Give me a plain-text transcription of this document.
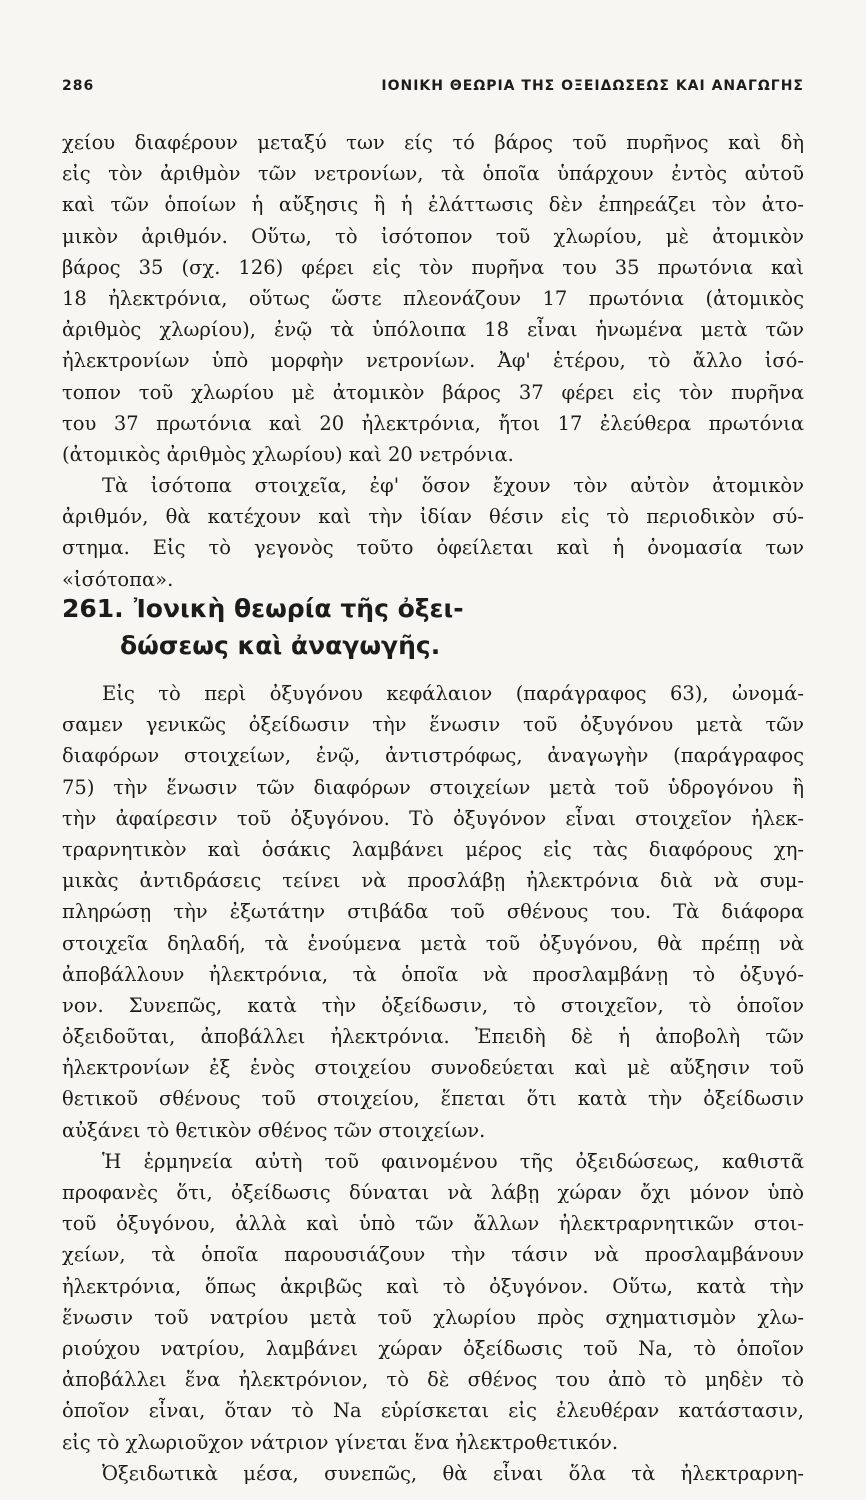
286	ΙΟΝΙΚΗ ΘΕΩΡΙΑ ΤΗΣ ΟΞΕΙΔΩΣΕΩΣ ΚΑΙ ΑΝΑΓΩΓΗΣ
χείου διαφέρουν μεταξύ των είς τό βάρος τοῦ πυρῆνος καὶ δὴ
εἰς τὸν ἀριθμὸν τῶν νετρονίων, τὰ ὁποῖα ὑπάρχουν ἐντὸς αὐτοῦ
καὶ τῶν ὁποίων ἡ αὔξησις ἢ ἡ ἐλάττωσις δὲν ἐπηρεάζει τὸν ἀτο-
μικὸν ἀριθμόν. Οὕτω, τὸ ἰσότοπον τοῦ χλωρίου, μὲ ἀτομικὸν
βάρος 35 (σχ. 126) φέρει εἰς τὸν πυρῆνα του 35 πρωτόνια καὶ
18 ἠλεκτρόνια, οὕτως ὥστε πλεονάζουν 17 πρωτόνια (ἀτομικὸς
ἀριθμὸς χλωρίου), ἐνῷ τὰ ὑπόλοιπα 18 εἶναι ἡνωμένα μετὰ τῶν
ἠλεκτρονίων ὑπὸ μορφὴν νετρονίων. Ἀφ' ἑτέρου, τὸ ἄλλο ἰσό-
τοπον τοῦ χλωρίου μὲ ἀτομικὸν βάρος 37 φέρει εἰς τὸν πυρῆνα
του 37 πρωτόνια καὶ 20 ἠλεκτρόνια, ἤτοι 17 ἐλεύθερα πρωτόνια
(ἀτομικὸς ἀριθμὸς χλωρίου) καὶ 20 νετρόνια.
Τὰ ἰσότοπα στοιχεῖα, ἐφ' ὅσον ἔχουν τὸν αὐτὸν ἀτομικὸν
ἀριθμόν, θὰ κατέχουν καὶ τὴν ἰδίαν θέσιν εἰς τὸ περιοδικὸν σύ-
στημα. Εἰς τὸ γεγονὸς τοῦτο ὀφείλεται καὶ ἡ ὀνομασία των
«ἰσότοπα».
261. Ἰονικὴ θεωρία τῆς ὀξει-
δώσεως καὶ ἀναγωγῆς.
Εἰς τὸ περὶ ὀξυγόνου κεφάλαιον (παράγραφος 63), ὠνομά-
σαμεν γενικῶς ὀξείδωσιν τὴν ἕνωσιν τοῦ ὀξυγόνου μετὰ τῶν
διαφόρων στοιχείων, ἐνῷ, ἀντιστρόφως, ἀναγωγὴν (παράγραφος
75) τὴν ἕνωσιν τῶν διαφόρων στοιχείων μετὰ τοῦ ὑδρογόνου ἢ
τὴν ἀφαίρεσιν τοῦ ὀξυγόνου. Τὸ ὀξυγόνον εἶναι στοιχεῖον ἠλεκ-
τραρνητικὸν καὶ ὁσάκις λαμβάνει μέρος εἰς τὰς διαφόρους χη-
μικὰς ἀντιδράσεις τείνει νὰ προσλάβῃ ἠλεκτρόνια διὰ νὰ συμ-
πληρώσῃ τὴν ἐξωτάτην στιβάδα τοῦ σθένους του. Τὰ διάφορα
στοιχεῖα δηλαδή, τὰ ἑνούμενα μετὰ τοῦ ὀξυγόνου, θὰ πρέπῃ νὰ
ἀποβάλλουν ἠλεκτρόνια, τὰ ὁποῖα νὰ προσλαμβάνῃ τὸ ὀξυγό-
νον. Συνεπῶς, κατὰ τὴν ὀξείδωσιν, τὸ στοιχεῖον, τὸ ὁποῖον
ὀξειδοῦται, ἀποβάλλει ἠλεκτρόνια. Ἐπειδὴ δὲ ἡ ἀποβολὴ τῶν
ἠλεκτρονίων ἐξ ἑνὸς στοιχείου συνοδεύεται καὶ μὲ αὔξησιν τοῦ
θετικοῦ σθένους τοῦ στοιχείου, ἕπεται ὅτι κατὰ τὴν ὀξείδωσιν
αὐξάνει τὸ θετικὸν σθένος τῶν στοιχείων.
Ἡ ἑρμηνεία αὐτὴ τοῦ φαινομένου τῆς ὀξειδώσεως, καθιστᾶ
προφανὲς ὅτι, ὀξείδωσις δύναται νὰ λάβῃ χώραν ὄχι μόνον ὑπὸ
τοῦ ὀξυγόνου, ἀλλὰ καὶ ὑπὸ τῶν ἄλλων ἠλεκτραρνητικῶν στοι-
χείων, τὰ ὁποῖα παρουσιάζουν τὴν τάσιν νὰ προσλαμβάνουν
ἠλεκτρόνια, ὅπως ἀκριβῶς καὶ τὸ ὀξυγόνον. Οὕτω, κατὰ τὴν
ἕνωσιν τοῦ νατρίου μετὰ τοῦ χλωρίου πρὸς σχηματισμὸν χλω-
ριούχου νατρίου, λαμβάνει χώραν ὀξείδωσις τοῦ Na, τὸ ὁποῖον
ἀποβάλλει ἕνα ἠλεκτρόνιον, τὸ δὲ σθένος του ἀπὸ τὸ μηδὲν τὸ
ὁποῖον εἶναι, ὅταν τὸ Na εὑρίσκεται εἰς ἐλευθέραν κατάστασιν,
εἰς τὸ χλωριοῦχον νάτριον γίνεται ἕνα ἠλεκτροθετικόν.
Ὀξειδωτικὰ μέσα, συνεπῶς, θὰ εἶναι ὅλα τὰ ἠλεκτραρνη-
